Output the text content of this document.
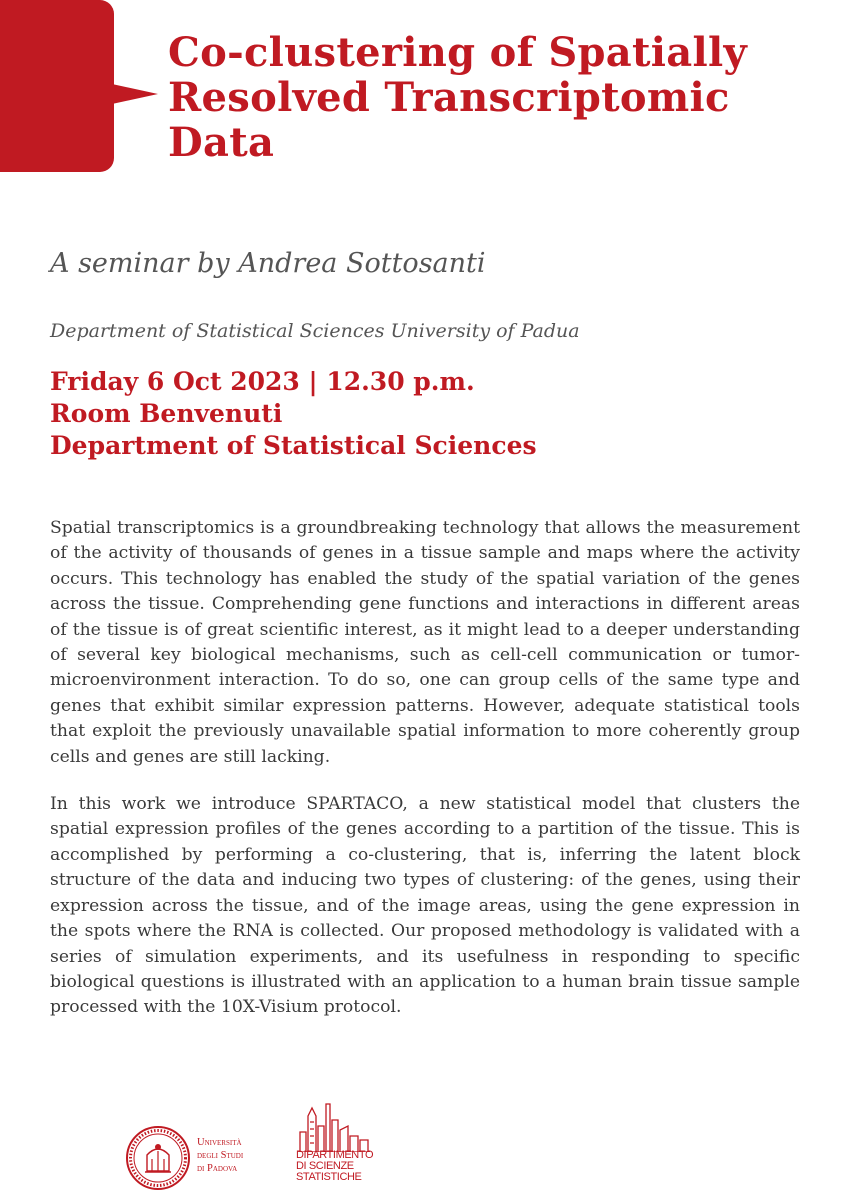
Co-clustering of Spatially
Resolved Transcriptomic
Data

A seminar by Andrea Sottosanti

Department of Statistical Sciences University of Padua

Friday 6 Oct 2023 | 12.30 p.m.
Room Benvenuti
Department of Statistical Sciences

Spatial transcriptomics is a groundbreaking technology that allows the measurement of the activity of thousands of genes in a tissue sample and maps where the activity occurs. This technology has enabled the study of the spatial variation of the genes across the tissue. Comprehending gene functions and interactions in different areas of the tissue is of great scientific interest, as it might lead to a deeper understanding of several key biological mechanisms, such as cell-cell communication or tumor-microenvironment interaction. To do so, one can group cells of the same type and genes that exhibit similar expression patterns. However, adequate statistical tools that exploit the previously unavailable spatial information to more coherently group cells and genes are still lacking.

In this work we introduce SPARTACO, a new statistical model that clusters the spatial expression profiles of the genes according to a partition of the tissue. This is accomplished by performing a co-clustering, that is, inferring the latent block structure of the data and inducing two types of clustering: of the genes, using their expression across the tissue, and of the image areas, using the gene expression in the spots where the RNA is collected. Our proposed methodology is validated with a series of simulation experiments, and its usefulness in responding to specific biological questions is illustrated with an application to a human brain tissue sample processed with the 10X-Visium protocol.

Università
degli Studi
di Padova
DIPARTIMENTO
DI SCIENZE
STATISTICHE
